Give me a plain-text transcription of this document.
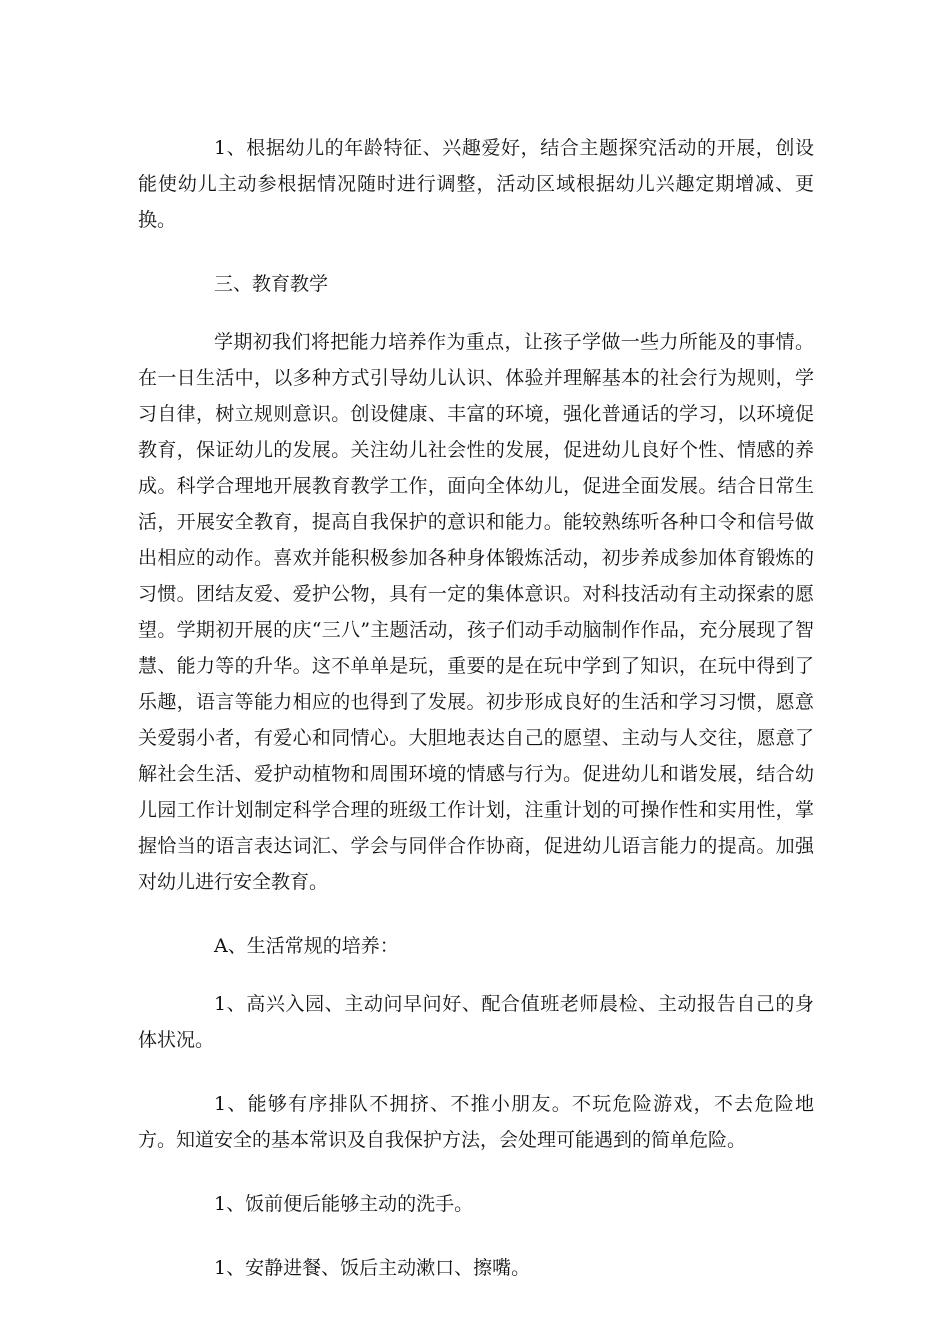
1、根据幼儿的年龄特征、兴趣爱好，结合主题探究活动的开展，创设能使幼儿主动参根据情况随时进行调整，活动区域根据幼儿兴趣定期增减、更换。

三、教育教学

学期初我们将把能力培养作为重点，让孩子学做一些力所能及的事情。在一日生活中，以多种方式引导幼儿认识、体验并理解基本的社会行为规则，学习自律，树立规则意识。创设健康、丰富的环境，强化普通话的学习，以环境促教育，保证幼儿的发展。关注幼儿社会性的发展，促进幼儿良好个性、情感的养成。科学合理地开展教育教学工作，面向全体幼儿，促进全面发展。结合日常生活，开展安全教育，提高自我保护的意识和能力。能较熟练听各种口令和信号做出相应的动作。喜欢并能积极参加各种身体锻炼活动，初步养成参加体育锻炼的习惯。团结友爱、爱护公物，具有一定的集体意识。对科技活动有主动探索的愿望。学期初开展的庆“三八”主题活动，孩子们动手动脑制作作品，充分展现了智慧、能力等的升华。这不单单是玩，重要的是在玩中学到了知识，在玩中得到了乐趣，语言等能力相应的也得到了发展。初步形成良好的生活和学习习惯，愿意关爱弱小者，有爱心和同情心。大胆地表达自己的愿望、主动与人交往，愿意了解社会生活、爱护动植物和周围环境的情感与行为。促进幼儿和谐发展，结合幼儿园工作计划制定科学合理的班级工作计划，注重计划的可操作性和实用性，掌握恰当的语言表达词汇、学会与同伴合作协商，促进幼儿语言能力的提高。加强对幼儿进行安全教育。

A、生活常规的培养：

1、高兴入园、主动问早问好、配合值班老师晨检、主动报告自己的身体状况。

1、能够有序排队不拥挤、不推小朋友。不玩危险游戏，不去危险地方。知道安全的基本常识及自我保护方法，会处理可能遇到的简单危险。

1、饭前便后能够主动的洗手。

1、安静进餐、饭后主动漱口、擦嘴。
